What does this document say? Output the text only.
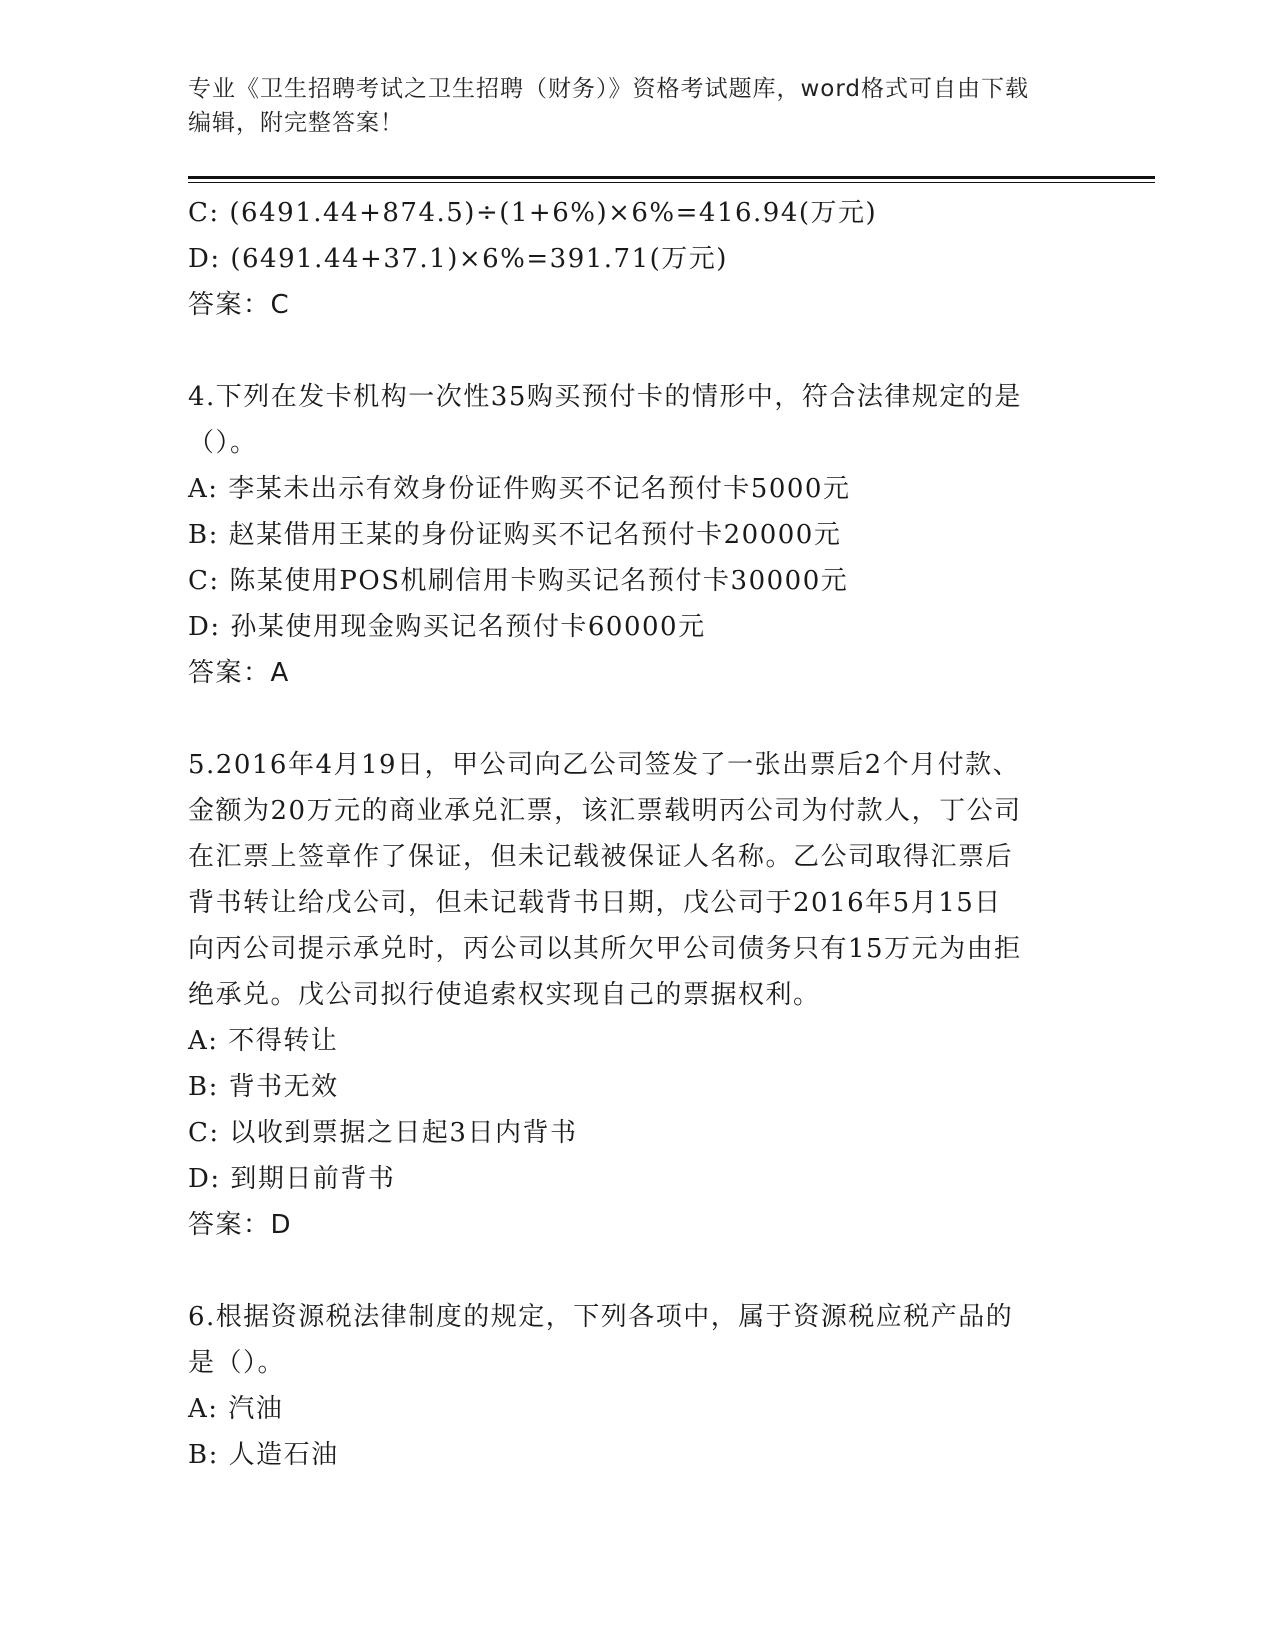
专业《卫生招聘考试之卫生招聘（财务）》资格考试题库，word格式可自由下载
编辑，附完整答案！
C: (6491.44+874.5)÷(1+6%)×6%=416.94(万元)
D: (6491.44+37.1)×6%=391.71(万元)
答案：C
4.下列在发卡机构一次性35购买预付卡的情形中，符合法律规定的是
（）。
A: 李某未出示有效身份证件购买不记名预付卡5000元
B: 赵某借用王某的身份证购买不记名预付卡20000元
C: 陈某使用POS机刷信用卡购买记名预付卡30000元
D: 孙某使用现金购买记名预付卡60000元
答案：A
5.2016年4月19日，甲公司向乙公司签发了一张出票后2个月付款、
金额为20万元的商业承兑汇票，该汇票载明丙公司为付款人，丁公司
在汇票上签章作了保证，但未记载被保证人名称。乙公司取得汇票后
背书转让给戊公司，但未记载背书日期，戊公司于2016年5月15日
向丙公司提示承兑时，丙公司以其所欠甲公司债务只有15万元为由拒
绝承兑。戊公司拟行使追索权实现自己的票据权利。
A: 不得转让
B: 背书无效
C: 以收到票据之日起3日内背书
D: 到期日前背书
答案：D
6.根据资源税法律制度的规定，下列各项中，属于资源税应税产品的
是（）。
A: 汽油
B: 人造石油
